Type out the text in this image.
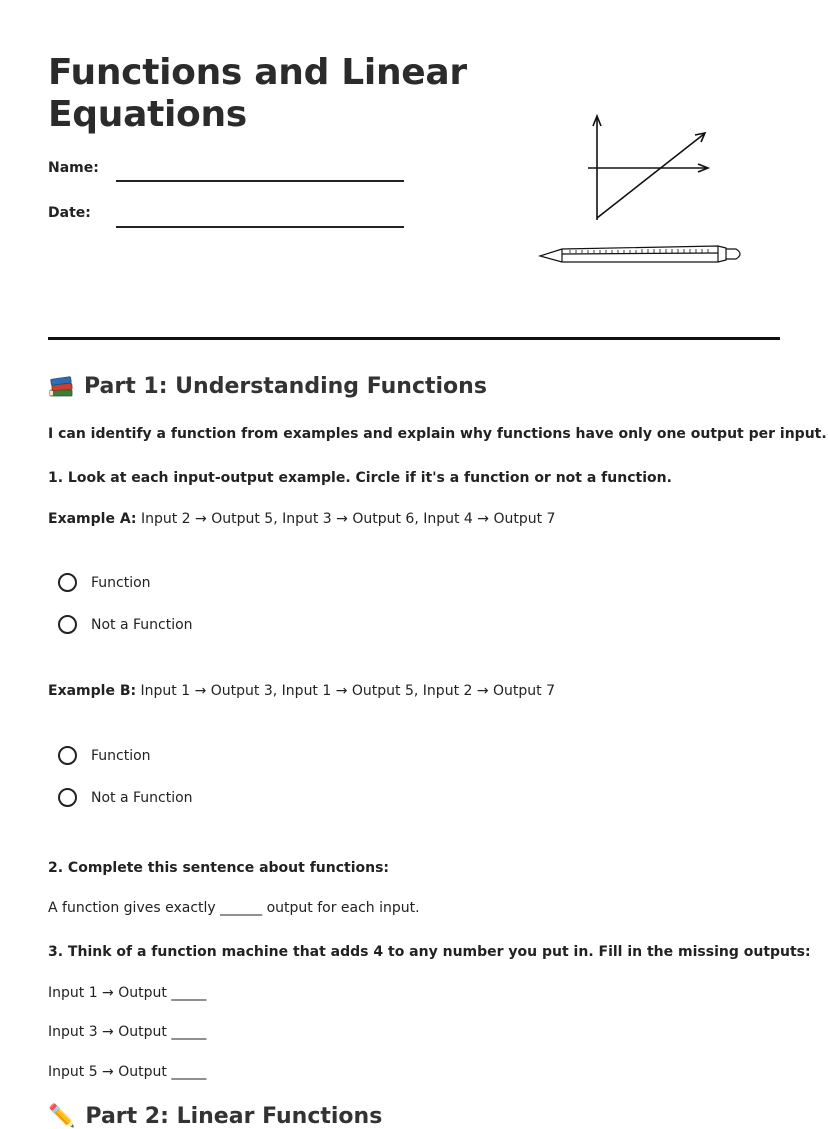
Functions and Linear Equations
Name:
Date:
Part 1: Understanding Functions
I can identify a function from examples and explain why functions have only one output per input.
1. Look at each input-output example. Circle if it's a function or not a function.
Example A: Input 2 → Output 5, Input 3 → Output 6, Input 4 → Output 7
Function
Not a Function
Example B: Input 1 → Output 3, Input 1 → Output 5, Input 2 → Output 7
Function
Not a Function
2. Complete this sentence about functions:
A function gives exactly ______ output for each input.
3. Think of a function machine that adds 4 to any number you put in. Fill in the missing outputs:
Input 1 → Output _____
Input 3 → Output _____
Input 5 → Output _____
✏️ Part 2: Linear Functions
